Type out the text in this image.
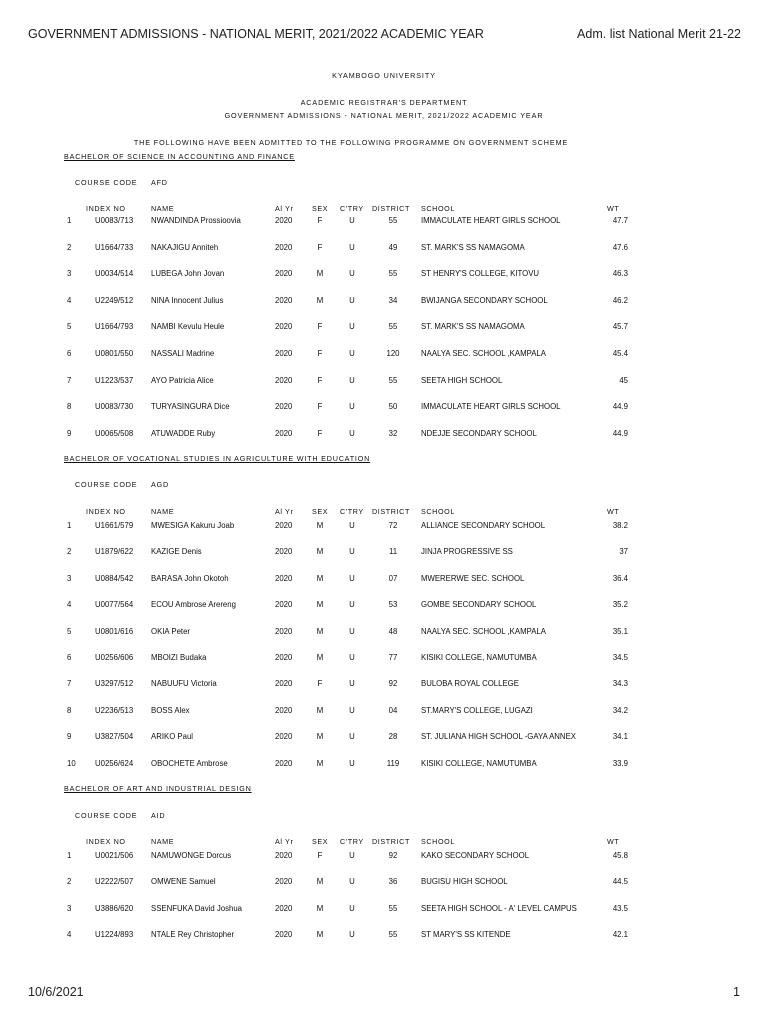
GOVERNMENT ADMISSIONS - NATIONAL MERIT, 2021/2022 ACADEMIC YEAR	Adm. list National Merit 21-22
KYAMBOGO UNIVERSITY
ACADEMIC REGISTRAR'S DEPARTMENT
GOVERNMENT ADMISSIONS - NATIONAL MERIT, 2021/2022 ACADEMIC YEAR
THE FOLLOWING HAVE BEEN ADMITTED TO THE FOLLOWING PROGRAMME ON GOVERNMENT SCHEME
BACHELOR OF SCIENCE IN ACCOUNTING AND FINANCE
COURSE CODE AFD
INDEX NO	NAME	Al Yr	SEX C'TRY DISTRICT SCHOOL	WT
1	U0083/713	NWANDINDA Prossioovia	2020	F	U	55	IMMACULATE HEART GIRLS SCHOOL	47.7
2	U1664/733	NAKAJIGU Anniteh	2020	F	U	49	ST. MARK'S SS NAMAGOMA	47.6
3	U0034/514	LUBEGA John Jovan	2020	M	U	55	ST HENRY'S COLLEGE, KITOVU	46.3
4	U2249/512	NINA Innocent Julius	2020	M	U	34	BWIJANGA SECONDARY SCHOOL	46.2
5	U1664/793	NAMBI Kevulu Heule	2020	F	U	55	ST. MARK'S SS NAMAGOMA	45.7
6	U0801/550	NASSALI Madrine	2020	F	U	120	NAALYA SEC. SCHOOL ,KAMPALA	45.4
7	U1223/537	AYO Patricia Alice	2020	F	U	55	SEETA HIGH SCHOOL	45
8	U0083/730	TURYASINGURA Dice	2020	F	U	50	IMMACULATE HEART GIRLS SCHOOL	44.9
9	U0065/508	ATUWADDE Ruby	2020	F	U	32	NDEJJE SECONDARY SCHOOL	44.9
BACHELOR OF VOCATIONAL STUDIES IN AGRICULTURE WITH EDUCATION
COURSE CODE AGD
INDEX NO	NAME	Al Yr	SEX C'TRY DISTRICT SCHOOL	WT
1	U1661/579	MWESIGA Kakuru Joab	2020	M	U	72	ALLIANCE SECONDARY SCHOOL	38.2
2	U1879/622	KAZIGE Denis	2020	M	U	11	JINJA PROGRESSIVE SS	37
3	U0884/542	BARASA John Okotoh	2020	M	U	07	MWERERWE SEC. SCHOOL	36.4
4	U0077/564	ECOU Ambrose Arereng	2020	M	U	53	GOMBE SECONDARY SCHOOL	35.2
5	U0801/616	OKIA Peter	2020	M	U	48	NAALYA SEC. SCHOOL ,KAMPALA	35.1
6	U0256/606	MBOIZI Budaka	2020	M	U	77	KISIKI COLLEGE, NAMUTUMBA	34.5
7	U3297/512	NABUUFU Victoria	2020	F	U	92	BULOBA ROYAL COLLEGE	34.3
8	U2236/513	BOSS Alex	2020	M	U	04	ST.MARY'S COLLEGE, LUGAZI	34.2
9	U3827/504	ARIKO Paul	2020	M	U	28	ST. JULIANA HIGH SCHOOL -GAYA ANNEX	34.1
10	U0256/624	OBOCHETE Ambrose	2020	M	U	119	KISIKI COLLEGE, NAMUTUMBA	33.9
BACHELOR OF ART AND INDUSTRIAL DESIGN
COURSE CODE AID
INDEX NO	NAME	Al Yr	SEX C'TRY DISTRICT SCHOOL	WT
1	U0021/506	NAMUWONGE Dorcus	2020	F	U	92	KAKO SECONDARY SCHOOL	45.8
2	U2222/507	OMWENE Samuel	2020	M	U	36	BUGISU HIGH SCHOOL	44.5
3	U3886/620	SSENFUKA David Joshua	2020	M	U	55	SEETA HIGH SCHOOL - A' LEVEL CAMPUS	43.5
4	U1224/893	NTALE Rey Christopher	2020	M	U	55	ST MARY'S SS KITENDE	42.1
10/6/2021	1
